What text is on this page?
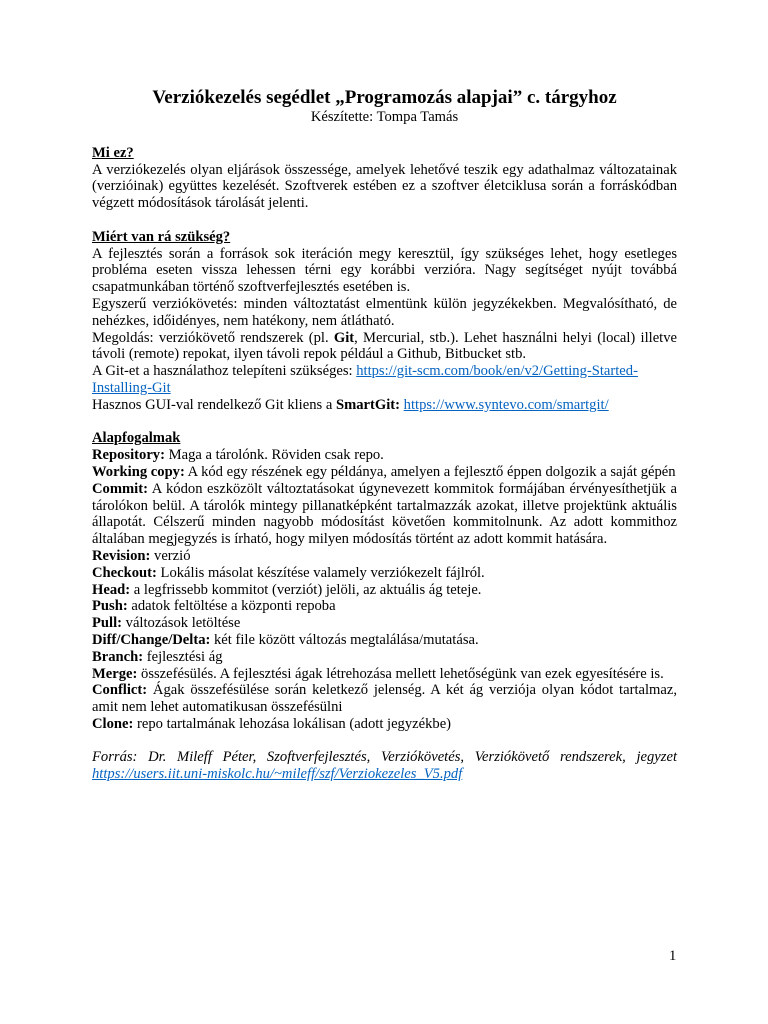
Verziókezelés segédlet „Programozás alapjai” c. tárgyhoz

Készítette: Tompa Tamás

Mi ez?

A verziókezelés olyan eljárások összessége, amelyek lehetővé teszik egy adathalmaz változatainak (verzióinak) együttes kezelését. Szoftverek estében ez a szoftver életciklusa során a forráskódban végzett módosítások tárolását jelenti.

Miért van rá szükség?

A fejlesztés során a források sok iteráción megy keresztül, így szükséges lehet, hogy esetleges probléma eseten vissza lehessen térni egy korábbi verzióra. Nagy segítséget nyújt továbbá csapatmunkában történő szoftverfejlesztés esetében is.

Egyszerű verziókövetés: minden változtatást elmentünk külön jegyzékekben. Megvalósítható, de nehézkes, időidényes, nem hatékony, nem átlátható.

Megoldás: verziókövető rendszerek (pl. Git, Mercurial, stb.). Lehet használni helyi (local) illetve távoli (remote) repokat, ilyen távoli repok például a Github, Bitbucket stb.

A Git-et a használathoz telepíteni szükséges: https://git-scm.com/book/en/v2/Getting-Started-Installing-Git

Hasznos GUI-val rendelkező Git kliens a SmartGit: https://www.syntevo.com/smartgit/

Alapfogalmak

Repository: Maga a tárolónk. Röviden csak repo.

Working copy: A kód egy részének egy példánya, amelyen a fejlesztő éppen dolgozik a saját gépén

Commit: A kódon eszközölt változtatásokat úgynevezett kommitok formájában érvényesíthetjük a tárolókon belül. A tárolók mintegy pillanatképként tartalmazzák azokat, illetve projektünk aktuális állapotát. Célszerű minden nagyobb módosítást követően kommitolnunk. Az adott kommithoz általában megjegyzés is írható, hogy milyen módosítás történt az adott kommit hatására.

Revision: verzió

Checkout: Lokális másolat készítése valamely verziókezelt fájlról.

Head: a legfrissebb kommitot (verziót) jelöli, az aktuális ág teteje.

Push: adatok feltöltése a központi repoba

Pull: változások letöltése

Diff/Change/Delta: két file között változás megtalálása/mutatása.

Branch: fejlesztési ág

Merge: összefésülés. A fejlesztési ágak létrehozása mellett lehetőségünk van ezek egyesítésére is.

Conflict: Ágak összefésülése során keletkező jelenség. A két ág verziója olyan kódot tartalmaz, amit nem lehet automatikusan összefésülni

Clone: repo tartalmának lehozása lokálisan (adott jegyzékbe)

Forrás: Dr. Mileff Péter, Szoftverfejlesztés, Verziókövetés, Verziókövető rendszerek, jegyzet https://users.iit.uni-miskolc.hu/~mileff/szf/Verziokezeles_V5.pdf

1
